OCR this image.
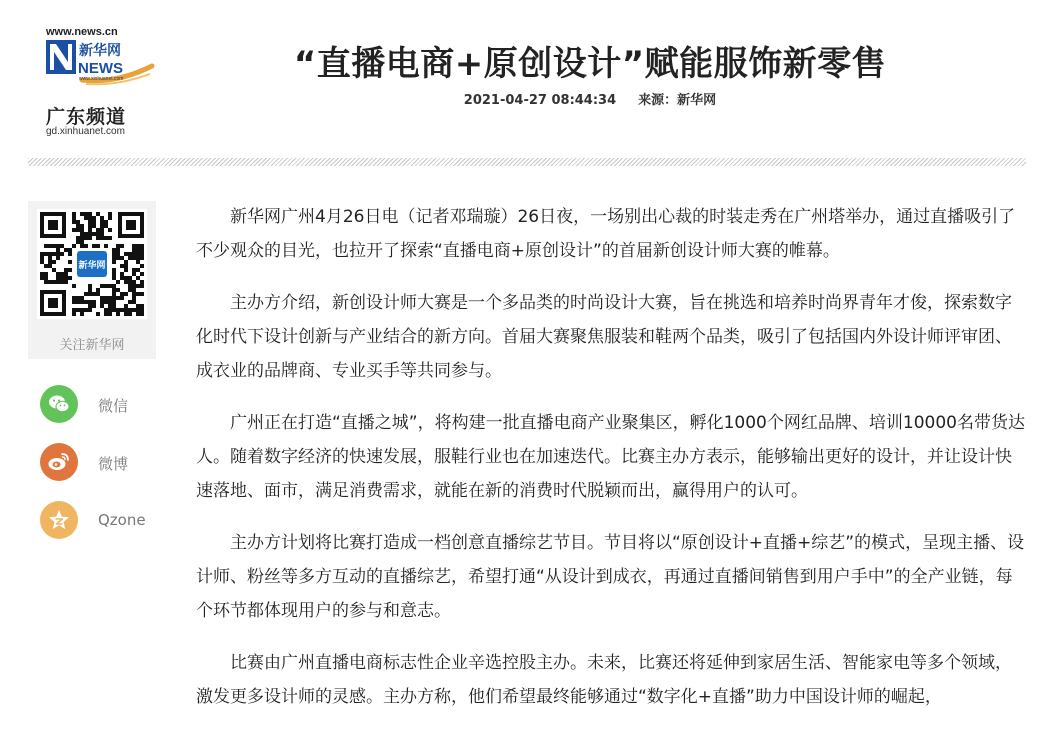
www.news.cn
新华网
NEWS
www.xinhuanet.com
广东频道
gd.xinhuanet.com
“直播电商+原创设计”赋能服饰新零售
2021-04-27 08:44:34 来源：新华网
新华网
关注新华网
微信
微博
Qzone

新华网广州4月26日电（记者邓瑞璇）26日夜，一场别出心裁的时装走秀在广州塔举办，通过直播吸引了不少观众的目光，也拉开了探索“直播电商+原创设计”的首届新创设计师大赛的帷幕。

主办方介绍，新创设计师大赛是一个多品类的时尚设计大赛，旨在挑选和培养时尚界青年才俊，探索数字化时代下设计创新与产业结合的新方向。首届大赛聚焦服装和鞋两个品类，吸引了包括国内外设计师评审团、成衣业的品牌商、专业买手等共同参与。

广州正在打造“直播之城”，将构建一批直播电商产业聚集区，孵化1000个网红品牌、培训10000名带货达人。随着数字经济的快速发展，服鞋行业也在加速迭代。比赛主办方表示，能够输出更好的设计，并让设计快速落地、面市，满足消费需求，就能在新的消费时代脱颖而出，赢得用户的认可。

主办方计划将比赛打造成一档创意直播综艺节目。节目将以“原创设计+直播+综艺”的模式，呈现主播、设计师、粉丝等多方互动的直播综艺，希望打通“从设计到成衣，再通过直播间销售到用户手中”的全产业链，每个环节都体现用户的参与和意志。

比赛由广州直播电商标志性企业辛选控股主办。未来，比赛还将延伸到家居生活、智能家电等多个领域，激发更多设计师的灵感。主办方称，他们希望最终能够通过“数字化+直播”助力中国设计师的崛起，
